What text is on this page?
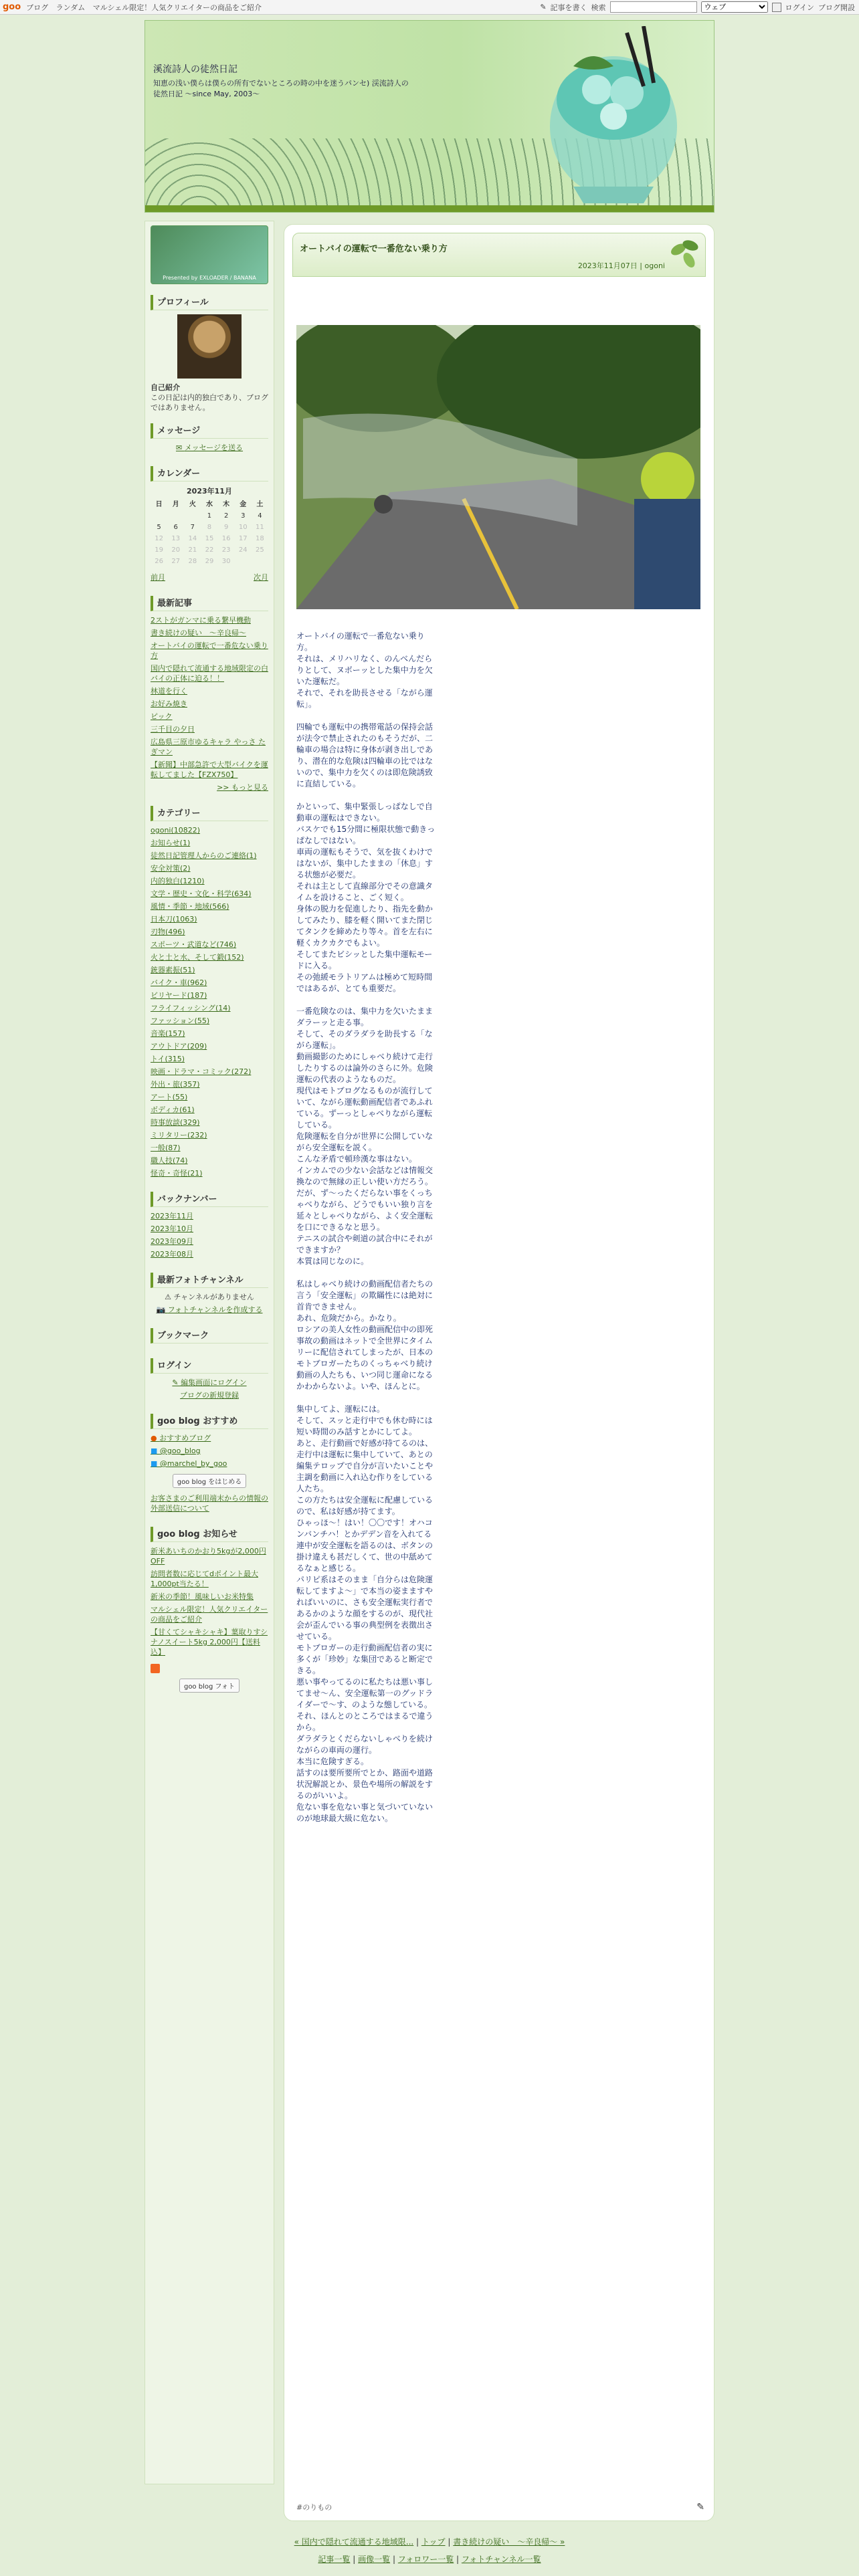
goo ブログ ランダム マルシェル限定！人気クリエイターの商品をご紹介	✎ 記事を書く 検索
ウェブ	ログイン ブログ開設
溪流詩人の徒然日記
知恵の浅い僕らは僕らの所有でないところの時の中を迷うパンセ) 渓流詩人の徒然日記 ～since May, 2003～
Presented by EXLOADER / BANANA
プロフィール
自己紹介
この日記は内的独白であり、ブログではありません。
メッセージ
✉ メッセージを送る
カレンダー
2023年11月
日	月	火	水	木	金	土
			1	2	3	4
5	6	7	8	9	10	11
12	13	14	15	16	17	18
19	20	21	22	23	24	25
26	27	28	29	30		
前月	次月
最新記事
2ストがガンマに乗る繋早機動
書き続けの疑い　～辛良帰～
オートバイの運転で一番危ない乗り方
国内で隠れて流通する地域限定の白バイの正体に迫る！！
林道を行く
お好み焼き
ピック
三千目の夕日
広島県三原市ゆるキャラ やっさ たぎマン
【新聞】中部急許で大型バイクを運転してました【FZX750】
>> もっと見る
カテゴリー
ogoni(10822)
お知らせ(1)
徒然日記管理人からのご連絡(1)
安全対策(2)
内的独白(1210)
文学・歴史・文化・科学(634)
風情・季節・地域(566)
日本刀(1063)
刃物(496)
スポーツ・武道など(746)
火と土と水、そして鍛(152)
銃器素振(51)
バイク・車(962)
ビリヤード(187)
フライフィッシング(14)
ファッション(55)
音楽(157)
アウトドア(209)
トイ(315)
映画・ドラマ・コミック(272)
外出・旅(357)
アート(55)
ボディカ(61)
時事放談(329)
ミリタリー(232)
一般(87)
職人技(74)
怪奇・奇怪(21)
バックナンバー
2023年11月
2023年10月
2023年09月
2023年08月
最新フォトチャンネル
⚠ チャンネルがありません
📷 フォトチャンネルを作成する
ブックマーク
ログイン
✎ 編集画面にログイン
ブログの新規登録
goo blog おすすめ
● おすすめブログ
■ @goo_blog
■ @marchel_by_goo
goo blog をはじめる
お客さまのご利用端末からの情報の外部送信について
goo blog お知らせ
新米あいちのかおり5kgが2,000円OFF
訪問者数に応じてdポイント最大1,000pt当たる！
新米の季節！風味しいお米特集
マルシェル限定！人気クリエイターの商品をご紹介
【甘くてシャキシャキ】葉取りすシナノスイート5kg 2,000円【送料込】
goo blog フォト
オートバイの運転で一番危ない乗り方
2023年11月07日 | ogoni

オートバイの運転で一番危ない乗り方。
それは、メリハリなく、のんべんだらりとして、ヌボーッとした集中力を欠いた運転だ。
それで、それを助長させる「ながら運転」。

四輪でも運転中の携帯電話の保持会話が法令で禁止されたのもそうだが、二輪車の場合は特に身体が剥き出しであり、潜在的な危険は四輪車の比ではないので、集中力を欠くのは即危険誘致に直結している。

かといって、集中緊張しっぱなしで自動車の運転はできない。
バスケでも15分間に極限状態で動きっぱなしではない。
車両の運転もそうで、気を抜くわけではないが、集中したままの「休息」する状態が必要だ。
それは主として直線部分でその意識タイムを設けること、ごく短く。
身体の脱力を促進したり、指先を動かしてみたり、膝を軽く開いてまた閉じてタンクを締めたり等々。首を左右に軽くカクカクでもよい。
そしてまたビシッとした集中運転モードに入る。
その弛緩モラトリアムは極めて短時間ではあるが、とても重要だ。

一番危険なのは、集中力を欠いたままダラーッと走る事。
そして、そのダラダラを助長する「ながら運転」。
動画撮影のためにしゃべり続けて走行したりするのは論外のさらに外。危険運転の代表のようなものだ。
現代はモトブログなるものが流行していて、ながら運転動画配信者であふれている。ずーっとしゃべりながら運転している。
危険運転を自分が世界に公開していながら安全運転を説く。
こんな矛盾で頓珍漢な事はない。
インカムでの少ない会話などは情報交換なので無縁の正しい使い方だろう。
だが、ず～ったくだらない事をくっちゃべりながら、どうでもいい独り言を延々としゃべりながら、よく安全運転を口にできるなと思う。
テニスの試合や剣道の試合中にそれができますか？
本質は同じなのに。

私はしゃべり続けの動画配信者たちの言う「安全運転」の欺瞞性には絶対に首肯できません。
あれ、危険だから。かなり。
ロシアの美人女性の動画配信中の即死事故の動画はネットで全世界にタイムリーに配信されてしまったが、日本のモトブロガーたちのくっちゃべり続け動画の人たちも、いつ同じ運命になるかわからないよ。いや、ほんとに。

集中してよ、運転には。
そして、スッと走行中でも休む時には短い時間のみ話すとかにしてよ。
あと、走行動画で好感が持てるのは、走行中は運転に集中していて、あとの編集テロップで自分が言いたいことや主調を動画に入れ込む作りをしている人たち。
この方たちは安全運転に配慮しているので、私は好感が持てます。
ひゃっほ～！はい！〇〇です！オハコンバンチハ！とかデデン音を入れてる連中が安全運転を語るのは、ボタンの掛け違えも甚だしくて、世の中舐めてるなぁと感じる。
パリピ系はそのまま「自分らは危険運転してますよ～」で本当の姿まますやればいいのに、さも安全運転実行者であるかのような顔をするのが、現代社会が歪んでいる事の典型例を表徴出させている。
モトブロガーの走行動画配信者の実に多くが「珍妙」な集団であると断定できる。
悪い事やってるのに私たちは悪い事してませ～ん、安全運転第一のグッドライダーで～す、のような態している。
それ、ほんとのところではまるで違うから。
ダラダラとくだらないしゃべりを続けながらの車両の運行。
本当に危険すぎる。
話すのは要所要所でとか、路面や道路状況解説とか、景色や場所の解説をするのがいいよ。
危ない事を危ない事と気づいていないのが地球最大級に危ない。

#のりもの	✎
« 国内で隠れて流通する地域限... | トップ | 書き続けの疑い　～辛良帰～ »
記事一覧 | 画像一覧 | フォロワー一覧 | フォトチャンネル一覧
